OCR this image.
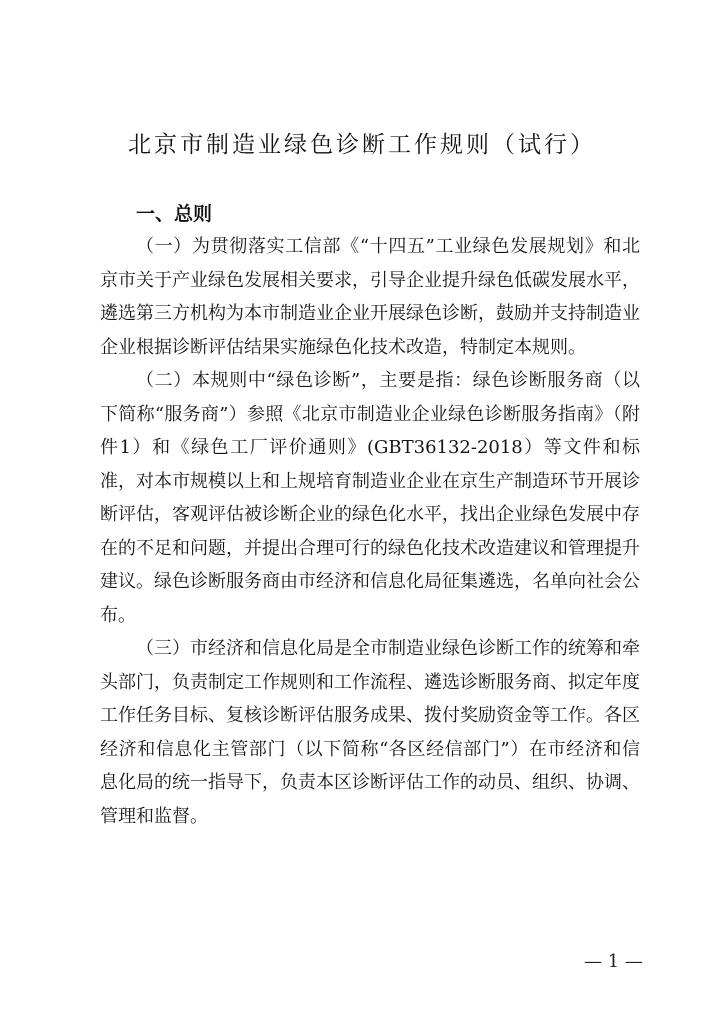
北京市制造业绿色诊断工作规则（试行）
一、总则

（一）为贯彻落实工信部《“十四五”工业绿色发展规划》和北京市关于产业绿色发展相关要求，引导企业提升绿色低碳发展水平，遴选第三方机构为本市制造业企业开展绿色诊断，鼓励并支持制造业企业根据诊断评估结果实施绿色化技术改造，特制定本规则。

（二）本规则中“绿色诊断”，主要是指：绿色诊断服务商（以下简称“服务商”）参照《北京市制造业企业绿色诊断服务指南》（附件1）和《绿色工厂评价通则》(GBT36132-2018）等文件和标准，对本市规模以上和上规培育制造业企业在京生产制造环节开展诊断评估，客观评估被诊断企业的绿色化水平，找出企业绿色发展中存在的不足和问题，并提出合理可行的绿色化技术改造建议和管理提升建议。绿色诊断服务商由市经济和信息化局征集遴选，名单向社会公布。

（三）市经济和信息化局是全市制造业绿色诊断工作的统筹和牵头部门，负责制定工作规则和工作流程、遴选诊断服务商、拟定年度工作任务目标、复核诊断评估服务成果、拨付奖励资金等工作。各区经济和信息化主管部门（以下简称“各区经信部门”）在市经济和信息化局的统一指导下，负责本区诊断评估工作的动员、组织、协调、管理和监督。

— 1 —
